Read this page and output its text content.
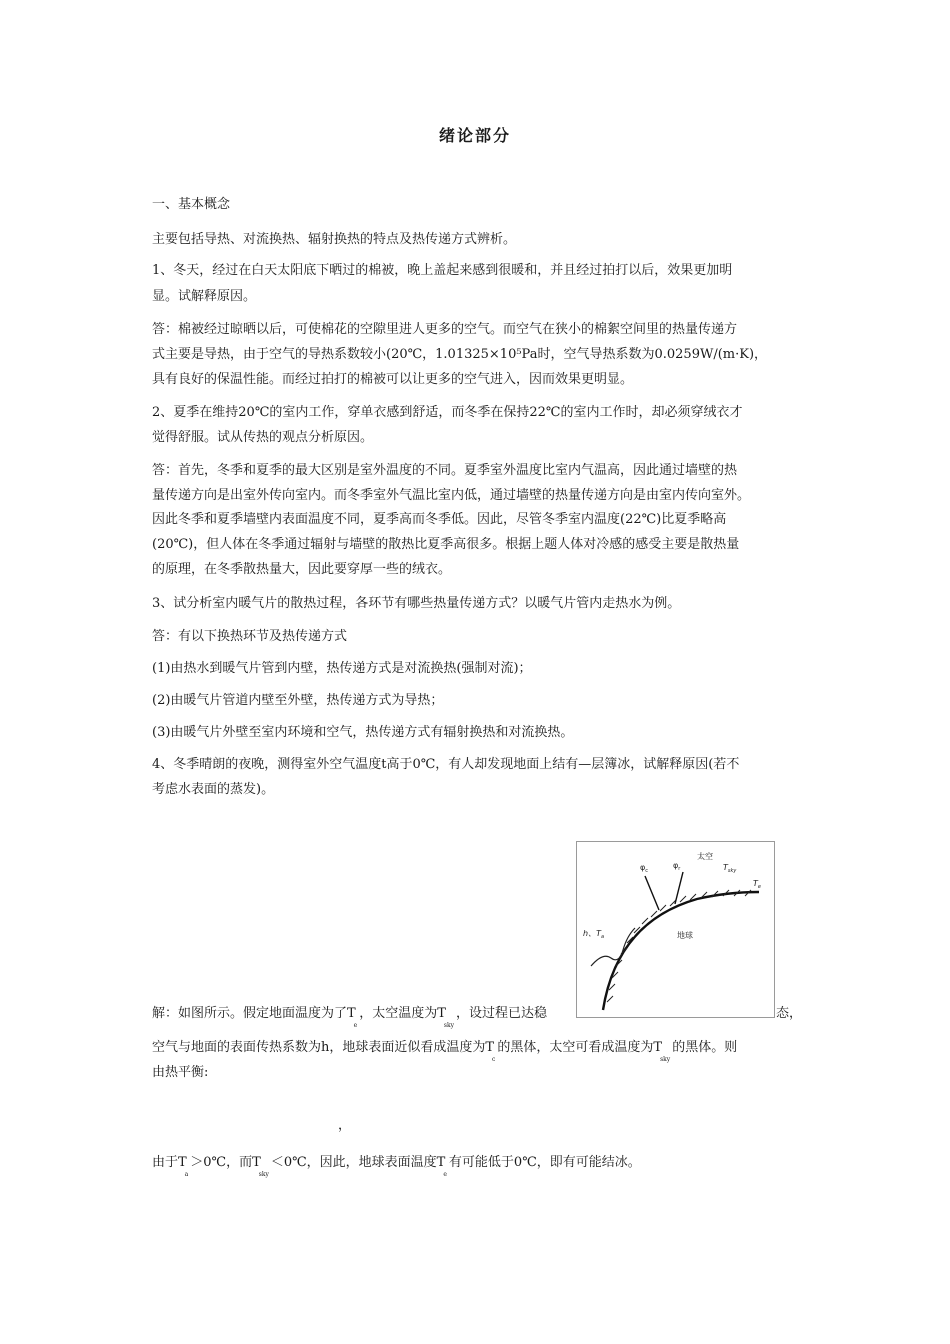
绪论部分
一、基本概念
主要包括导热、对流换热、辐射换热的特点及热传递方式辨析。
1、冬天，经过在白天太阳底下晒过的棉被，晚上盖起来感到很暖和，并且经过拍打以后，效果更加明
显。试解释原因。
答：棉被经过晾晒以后，可使棉花的空隙里进人更多的空气。而空气在狭小的棉絮空间里的热量传递方
式主要是导热，由于空气的导热系数较小(20℃，1.01325×10⁵Pa时，空气导热系数为0.0259W/(m·K)，
具有良好的保温性能。而经过拍打的棉被可以让更多的空气进入，因而效果更明显。
2、夏季在维持20℃的室内工作，穿单衣感到舒适，而冬季在保持22℃的室内工作时，却必须穿绒衣才
觉得舒服。试从传热的观点分析原因。
答：首先，冬季和夏季的最大区别是室外温度的不同。夏季室外温度比室内气温高，因此通过墙壁的热
量传递方向是出室外传向室内。而冬季室外气温比室内低，通过墙壁的热量传递方向是由室内传向室外。
因此冬季和夏季墙壁内表面温度不同，夏季高而冬季低。因此，尽管冬季室内温度(22℃)比夏季略高
(20℃)，但人体在冬季通过辐射与墙壁的散热比夏季高很多。根据上题人体对冷感的感受主要是散热量
的原理，在冬季散热量大，因此要穿厚一些的绒衣。
3、试分析室内暖气片的散热过程，各环节有哪些热量传递方式？以暖气片管内走热水为例。
答：有以下换热环节及热传递方式
(1)由热水到暖气片管到内壁，热传递方式是对流换热(强制对流)；
(2)由暖气片管道内壁至外壁，热传递方式为导热；
(3)由暖气片外壁至室内环境和空气，热传递方式有辐射换热和对流换热。
4、冬季晴朗的夜晚，测得室外空气温度t高于0℃，有人却发现地面上结有—层簿冰，试解释原因(若不
考虑水表面的蒸发)。
$\varphi_c$
$\varphi_r$
太空
$T_{sky}$
$T_e$
地球
h、$T_a$
解：如图所示。假定地面温度为了$T_e$，太空温度为$T_{sky}$，设过程已达稳	态，
空气与地面的表面传热系数为h，地球表面近似看成温度为$T_c$的黑体，太空可看成温度为$T_{sky}$的黑体。则
由热平衡:
，
由于$T_a>0℃$，而$T_{sky}<0℃$，因此，地球表面温度$T_e$有可能低于0℃，即有可能结冰。
